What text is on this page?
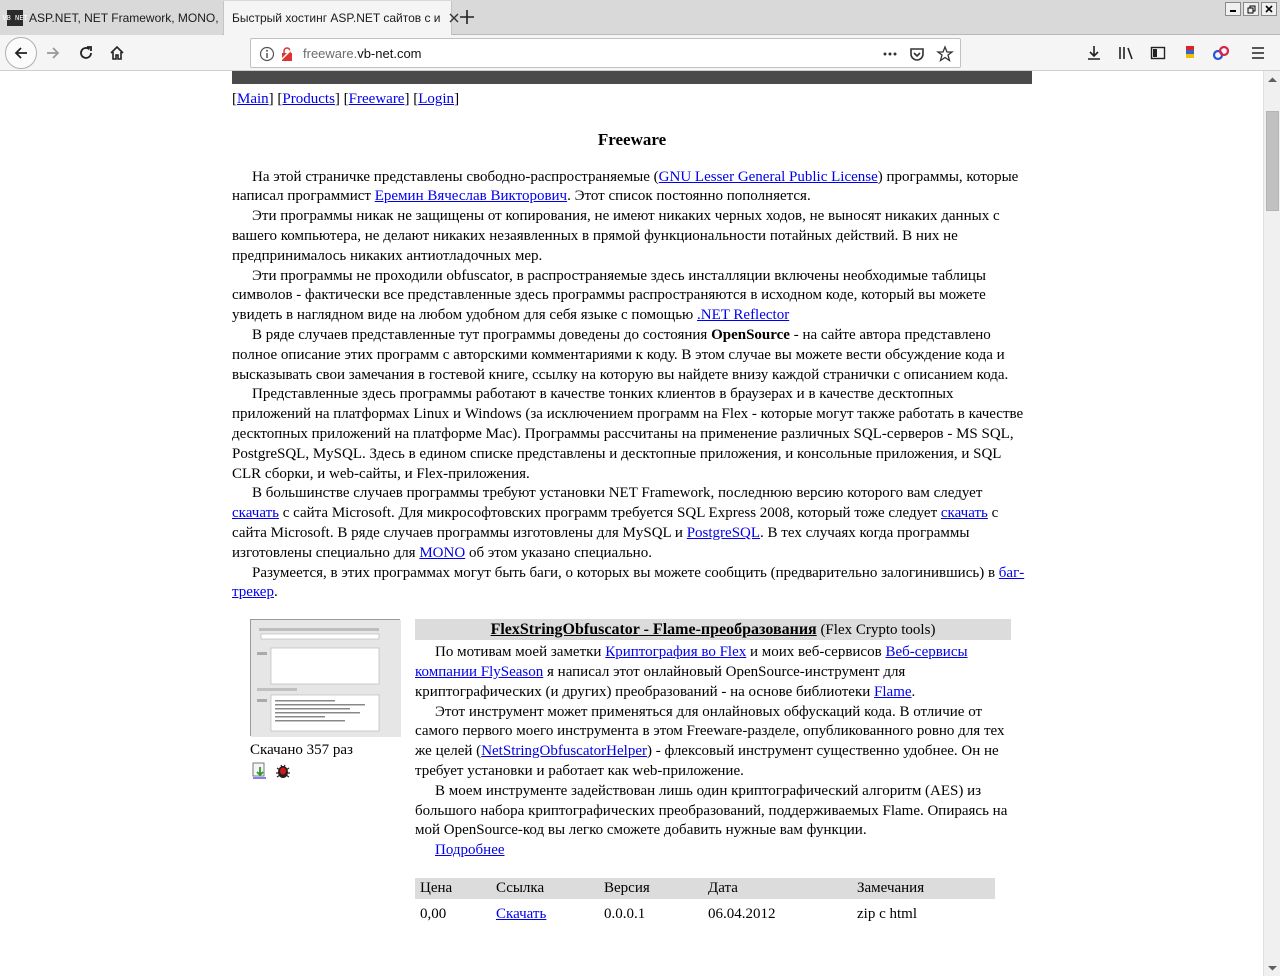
VB NET ASP.NET, NET Framework, MONO, Быстрый хостинг ASP.NET сайтов с и
freeware.vb-net.com
[Main] [Products] [Freeware] [Login]
Freeware
На этой страничке представлены свободно-распространяемые (GNU Lesser General Public License) программы, которые написал программист Еремин Вячеслав Викторович. Этот список постоянно пополняется.
Эти программы никак не защищены от копирования, не имеют никаких черных ходов, не выносят никаких данных с вашего компьютера, не делают никаких незаявленных в прямой функциональности потайных действий. В них не предпринималось никаких антиотладочных мер.
Эти программы не проходили obfuscator, в распространяемые здесь инсталляции включены необходимые таблицы символов - фактически все представленные здесь программы распространяются в исходном коде, который вы можете увидеть в наглядном виде на любом удобном для себя языке с помощью .NET Reflector
В ряде случаев представленные тут программы доведены до состояния OpenSource - на сайте автора представлено полное описание этих программ с авторскими комментариями к коду. В этом случае вы можете вести обсуждение кода и высказывать свои замечания в гостевой книге, ссылку на которую вы найдете внизу каждой странички с описанием кода.
Представленные здесь программы работают в качестве тонких клиентов в браузерах и в качестве десктопных приложений на платформах Linux и Windows (за исключением программ на Flex - которые могут также работать в качестве десктопных приложений на платформе Mac). Программы рассчитаны на применение различных SQL-серверов - MS SQL, PostgreSQL, MySQL. Здесь в едином списке представлены и десктопные приложения, и консольные приложения, и SQL CLR сборки, и web-сайты, и Flex-приложения.
В большинстве случаев программы требуют установки NET Framework, последнюю версию которого вам следует скачать с сайта Microsoft. Для микрософтовских программ требуется SQL Express 2008, который тоже следует скачать с сайта Microsoft. В ряде случаев программы изготовлены для MySQL и PostgreSQL. В тех случаях когда программы изготовлены специально для MONO об этом указано специально.
Разумеется, в этих программах могут быть баги, о которых вы можете сообщить (предварительно залогинившись) в баг-трекер.
Скачано 357 раз
FlexStringObfuscator - Flame-преобразования (Flex Crypto tools)
По мотивам моей заметки Криптография во Flex и моих веб-сервисов Веб-сервисы компании FlySeason я написал этот онлайновый OpenSource-инструмент для криптографических (и других) преобразований - на основе библиотеки Flame.
Этот инструмент может применяться для онлайновых обфускаций кода. В отличие от самого первого моего инструмента в этом Freeware-разделе, опубликованного ровно для тех же целей (NetStringObfuscatorHelper) - флексовый инструмент существенно удобнее. Он не требует установки и работает как web-приложение.
В моем инструменте задействован лишь один криптографический алгоритм (AES) из большого набора криптографических преобразований, поддерживаемых Flame. Опираясь на мой OpenSource-код вы легко сможете добавить нужные вам функции.
Подробнее
Цена	Ссылка	Версия	Дата	Замечания
0,00	Скачать	0.0.0.1	06.04.2012	zip c html
